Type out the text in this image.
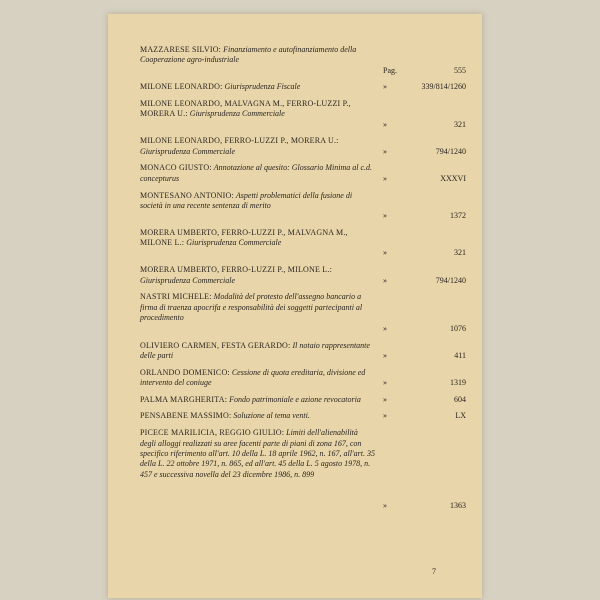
MAZZARESE SILVIO: Finanziamento e autofinanziamento della Cooperazione agro-industriale
Pag.	555
MILONE LEONARDO: Giurisprudenza Fiscale	»	339/814/1260
MILONE LEONARDO, MALVAGNA M., FERRO-LUZZI P., MORERA U.: Giurisprudenza Commerciale
»	321
MILONE LEONARDO, FERRO-LUZZI P., MORERA U.: Giurisprudenza Commerciale	»	794/1240
MONACO GIUSTO: Annotazione al quesito: Glossario Minima al c.d. concepturus	»	XXXVI
MONTESANO ANTONIO: Aspetti problematici della fusione di società in una recente sentenza di merito
»	1372
MORERA UMBERTO, FERRO-LUZZI P., MALVAGNA M., MILONE L.: Giurisprudenza Commerciale
»	321
MORERA UMBERTO, FERRO-LUZZI P., MILONE L.: Giurisprudenza Commerciale	»	794/1240
NASTRI MICHELE: Modalità del protesto dell'assegno bancario a firma di traenza apocrifa e responsabilità dei soggetti partecipanti al procedimento
»	1076
OLIVIERO CARMEN, FESTA GERARDO: Il notaio rappresentante delle parti	»	411
ORLANDO DOMENICO: Cessione di quota ereditaria, divisione ed intervento del coniuge	»	1319
PALMA MARGHERITA: Fondo patrimoniale e azione revocatoria	»	604
PENSABENE MASSIMO: Soluzione al tema venti.	»	LX
PICECE MARILICIA, REGGIO GIULIO: Limiti dell'alienabilità degli alloggi realizzati su aree facenti parte di piani di zona 167, con specifico riferimento all'art. 10 della L. 18 aprile 1962, n. 167, all'art. 35 della L. 22 ottobre 1971, n. 865, ed all'art. 45 della L. 5 agosto 1978, n. 457 e successiva novella del 23 dicembre 1986, n. 899
»	1363
7
